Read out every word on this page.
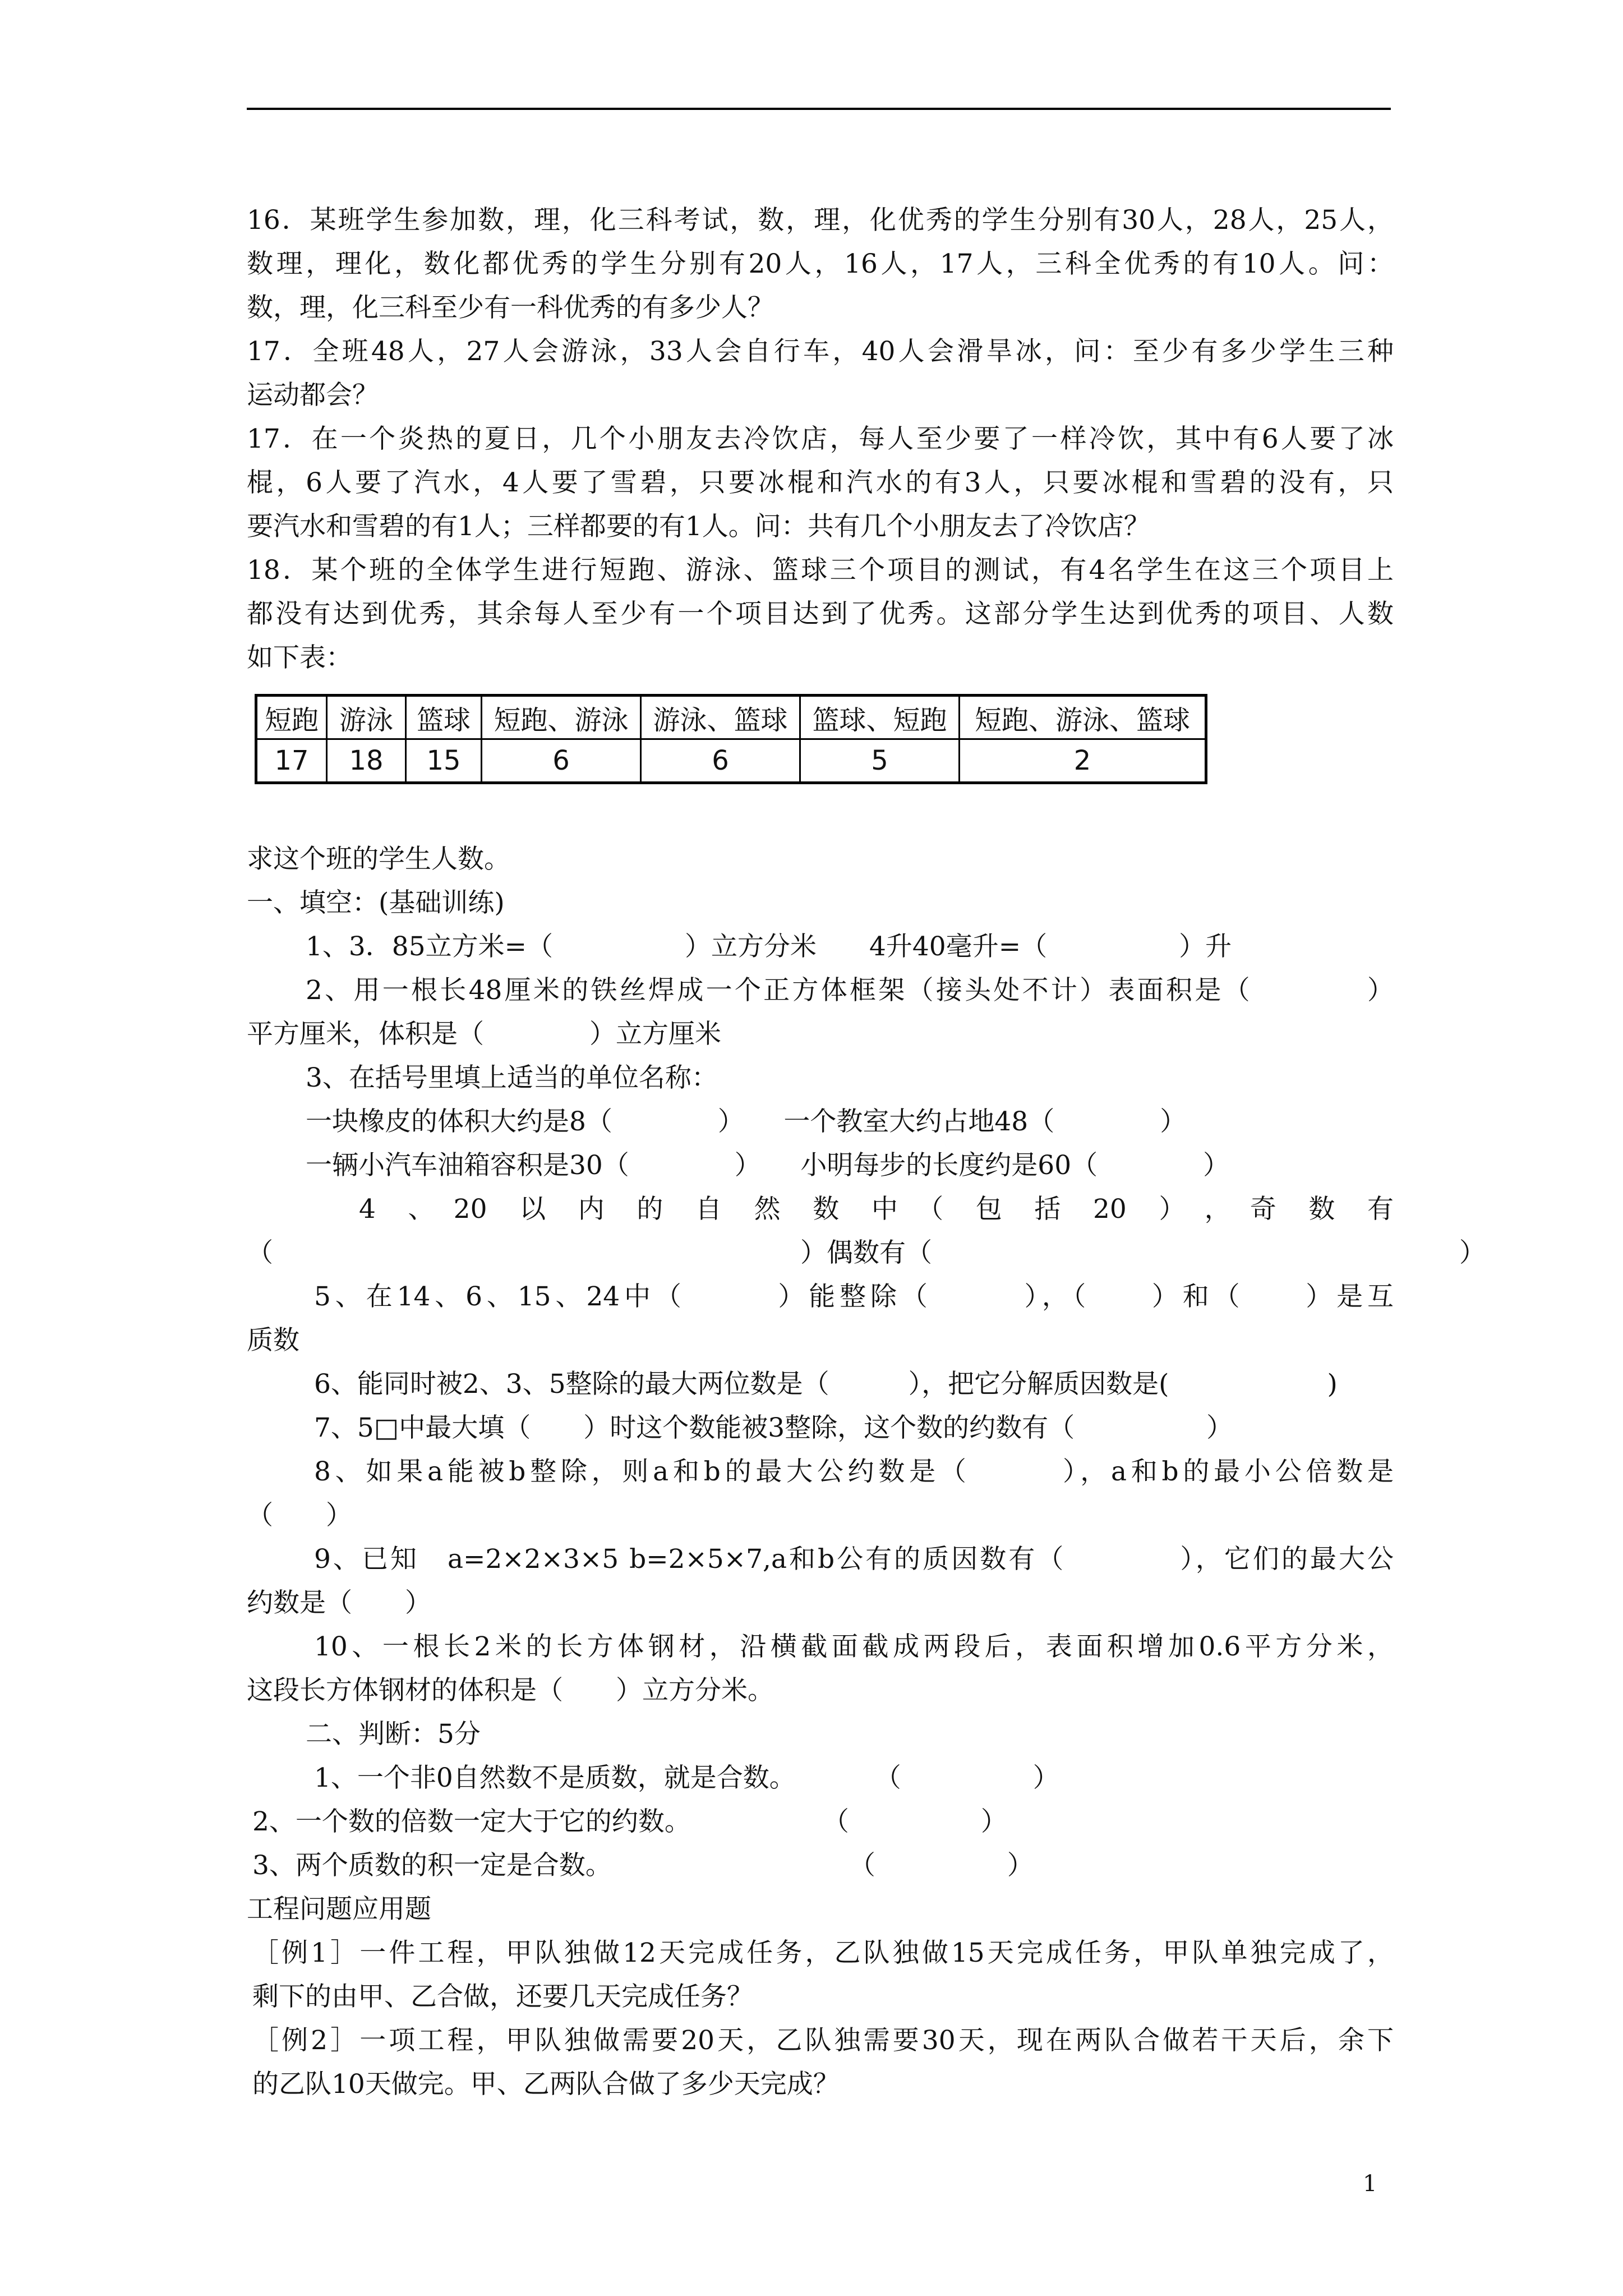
16．某班学生参加数，理，化三科考试，数，理，化优秀的学生分别有30人，28人，25人，
数理，理化，数化都优秀的学生分别有20人，16人，17人，三科全优秀的有10人。问：
数，理，化三科至少有一科优秀的有多少人？
17．全班48人，27人会游泳，33人会自行车，40人会滑旱冰，问：至少有多少学生三种
运动都会？
17．在一个炎热的夏日，几个小朋友去冷饮店，每人至少要了一样冷饮，其中有6人要了冰
棍，6人要了汽水，4人要了雪碧，只要冰棍和汽水的有3人，只要冰棍和雪碧的没有，只
要汽水和雪碧的有1人；三样都要的有1人。问：共有几个小朋友去了冷饮店？
18．某个班的全体学生进行短跑、游泳、篮球三个项目的测试，有4名学生在这三个项目上
都没有达到优秀，其余每人至少有一个项目达到了优秀。这部分学生达到优秀的项目、人数
如下表：
短跑	游泳	篮球	短跑、游泳	游泳、篮球	篮球、短跑	短跑、游泳、篮球
17	18	15	6	6	5	2
求这个班的学生人数。
一、填空：(基础训练)
1、3．85立方米=（　　　　　）立方分米　　4升40毫升=（　　　　　）升
2、用一根长48厘米的铁丝焊成一个正方体框架（接头处不计）表面积是（　　　　）
平方厘米，体积是（　　　　）立方厘米
3、在括号里填上适当的单位名称：
一块橡皮的体积大约是8（　　　　）　　一个教室大约占地48（　　　　）
一辆小汽车油箱容积是30（　　　　）　　小明每步的长度约是60（　　　　）
4　、　20　以　内　的　自　然　数　中　（　包　括　20　）　，　奇　数　有
（　　　　　　　　　　　　　　　　　　　　）偶数有（　　　　　　　　　　　　　　　　　　　　）
5、在14、6、15、24中（　　　）能整除（　　　），（　　）和（　　）是互
质数
6、能同时被2、3、5整除的最大两位数是（　　　），把它分解质因数是(　　　　　　)
7、5□中最大填（　　）时这个数能被3整除，这个数的约数有（　　　　　）
8、如果a能被b整除，则a和b的最大公约数是（　　　），a和b的最小公倍数是
（　　）
9、已知　a=2×2×3×5 b=2×5×7,a和b公有的质因数有（　　　　），它们的最大公
约数是（　　）
10、一根长2米的长方体钢材，沿横截面截成两段后，表面积增加0.6平方分米，
这段长方体钢材的体积是（　　）立方分米。
二、判断：5分
1、一个非0自然数不是质数，就是合数。　　　　（　　　　　）
2、一个数的倍数一定大于它的约数。　　　　　　（　　　　　）
3、两个质数的积一定是合数。　　　　　　　　　　（　　　　　）
工程问题应用题
［例1］一件工程，甲队独做12天完成任务，乙队独做15天完成任务，甲队单独完成了，
剩下的由甲、乙合做，还要几天完成任务？
［例2］一项工程，甲队独做需要20天，乙队独需要30天，现在两队合做若干天后，余下
的乙队10天做完。甲、乙两队合做了多少天完成？
1
